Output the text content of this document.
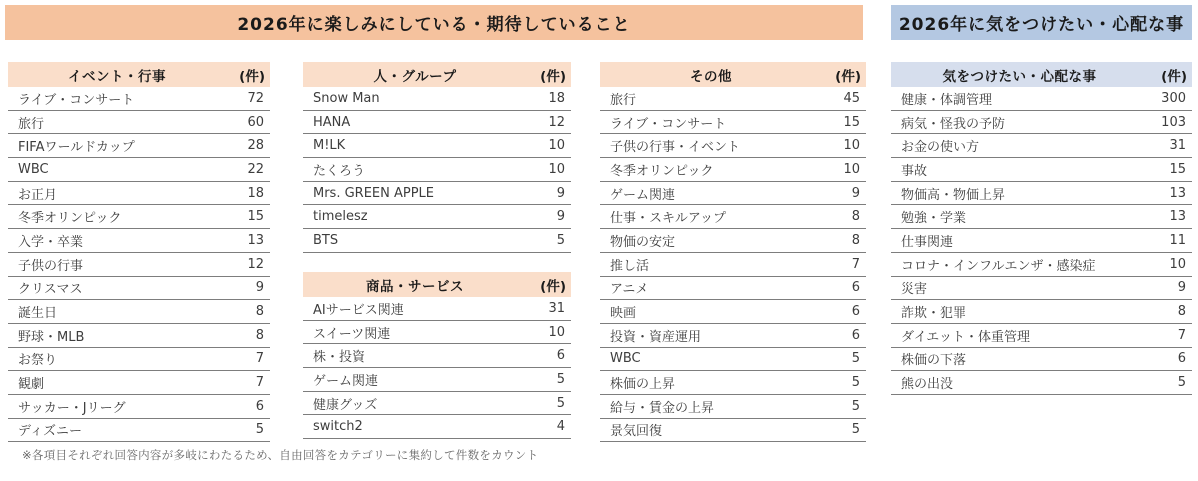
2026年に楽しみにしている・期待していること	2026年に気をつけたい・心配な事
イベント・行事	(件)
ライブ・コンサート	72
旅行	60
FIFAワールドカップ	28
WBC	22
お正月	18
冬季オリンピック	15
入学・卒業	13
子供の行事	12
クリスマス	9
誕生日	8
野球・MLB	8
お祭り	7
観劇	7
サッカー・Jリーグ	6
ディズニー	5
人・グループ	(件)
Snow Man	18
HANA	12
M!LK	10
たくろう	10
Mrs. GREEN APPLE	9
timelesz	9
BTS	5
商品・サービス	(件)
AIサービス関連	31
スイーツ関連	10
株・投資	6
ゲーム関連	5
健康グッズ	5
switch2	4
その他	(件)
旅行	45
ライブ・コンサート	15
子供の行事・イベント	10
冬季オリンピック	10
ゲーム関連	9
仕事・スキルアップ	8
物価の安定	8
推し活	7
アニメ	6
映画	6
投資・資産運用	6
WBC	5
株価の上昇	5
給与・賃金の上昇	5
景気回復	5
気をつけたい・心配な事	(件)
健康・体調管理	300
病気・怪我の予防	103
お金の使い方	31
事故	15
物価高・物価上昇	13
勉強・学業	13
仕事関連	11
コロナ・インフルエンザ・感染症	10
災害	9
詐欺・犯罪	8
ダイエット・体重管理	7
株価の下落	6
熊の出没	5
※各項目それぞれ回答内容が多岐にわたるため、自由回答をカテゴリーに集約して件数をカウント
